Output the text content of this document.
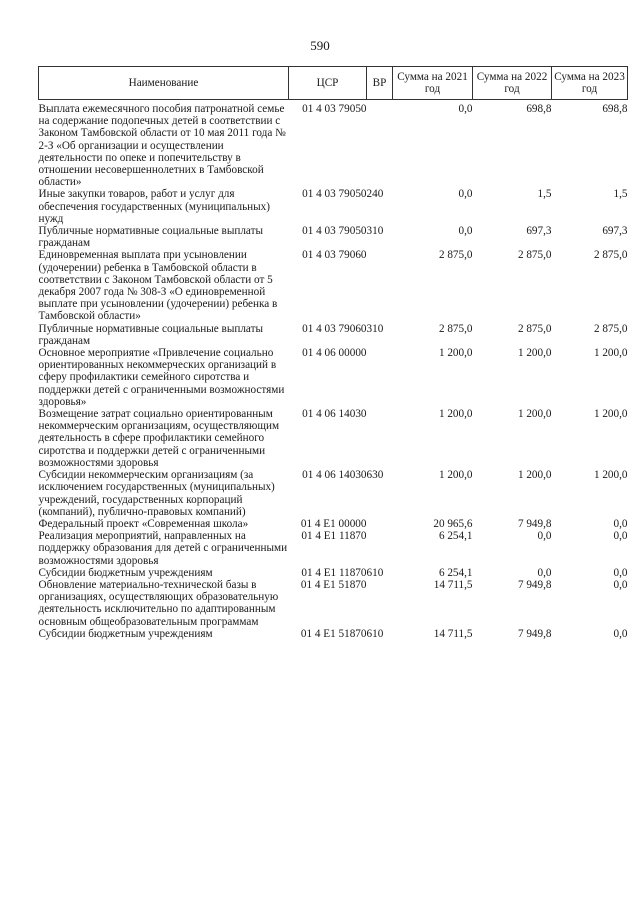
590
Наименование	ЦСР	ВР	Сумма на 2021 год	Сумма на 2022 год	Сумма на 2023 год
Выплата ежемесячного пособия патронатной семье на содержание подопечных детей в соответствии с Законом Тамбовской области от 10 мая 2011 года № 2-З «Об организации и осуществлении деятельности по опеке и попечительству в отношении несовершеннолетних в Тамбовской области»	01 4 03 79050		0,0	698,8	698,8
Иные закупки товаров, работ и услуг для обеспечения государственных (муниципальных) нужд	01 4 03 79050	240	0,0	1,5	1,5
Публичные нормативные социальные выплаты гражданам	01 4 03 79050	310	0,0	697,3	697,3
Единовременная выплата при усыновлении (удочерении) ребенка в Тамбовской области в соответствии с Законом Тамбовской области от 5 декабря 2007 года № 308-З «О единовременной выплате при усыновлении (удочерении) ребенка в Тамбовской области»	01 4 03 79060		2 875,0	2 875,0	2 875,0
Публичные нормативные социальные выплаты гражданам	01 4 03 79060	310	2 875,0	2 875,0	2 875,0
Основное мероприятие «Привлечение социально ориентированных некоммерческих организаций в сферу профилактики семейного сиротства и поддержки детей с ограниченными возможностями здоровья»	01 4 06 00000		1 200,0	1 200,0	1 200,0
Возмещение затрат социально ориентированным некоммерческим организациям, осуществляющим деятельность в сфере профилактики семейного сиротства и поддержки детей с ограниченными возможностями здоровья	01 4 06 14030		1 200,0	1 200,0	1 200,0
Субсидии некоммерческим организациям (за исключением государственных (муниципальных) учреждений, государственных корпораций (компаний), публично-правовых компаний)	01 4 06 14030	630	1 200,0	1 200,0	1 200,0
Федеральный проект «Современная школа»	01 4 E1 00000		20 965,6	7 949,8	0,0
Реализация мероприятий, направленных на поддержку образования для детей с ограниченными возможностями здоровья	01 4 E1 11870		6 254,1	0,0	0,0
Субсидии бюджетным учреждениям	01 4 E1 11870	610	6 254,1	0,0	0,0
Обновление материально-технической базы в организациях, осуществляющих образовательную деятельность исключительно по адаптированным основным общеобразовательным программам	01 4 E1 51870		14 711,5	7 949,8	0,0
Субсидии бюджетным учреждениям	01 4 E1 51870	610	14 711,5	7 949,8	0,0
